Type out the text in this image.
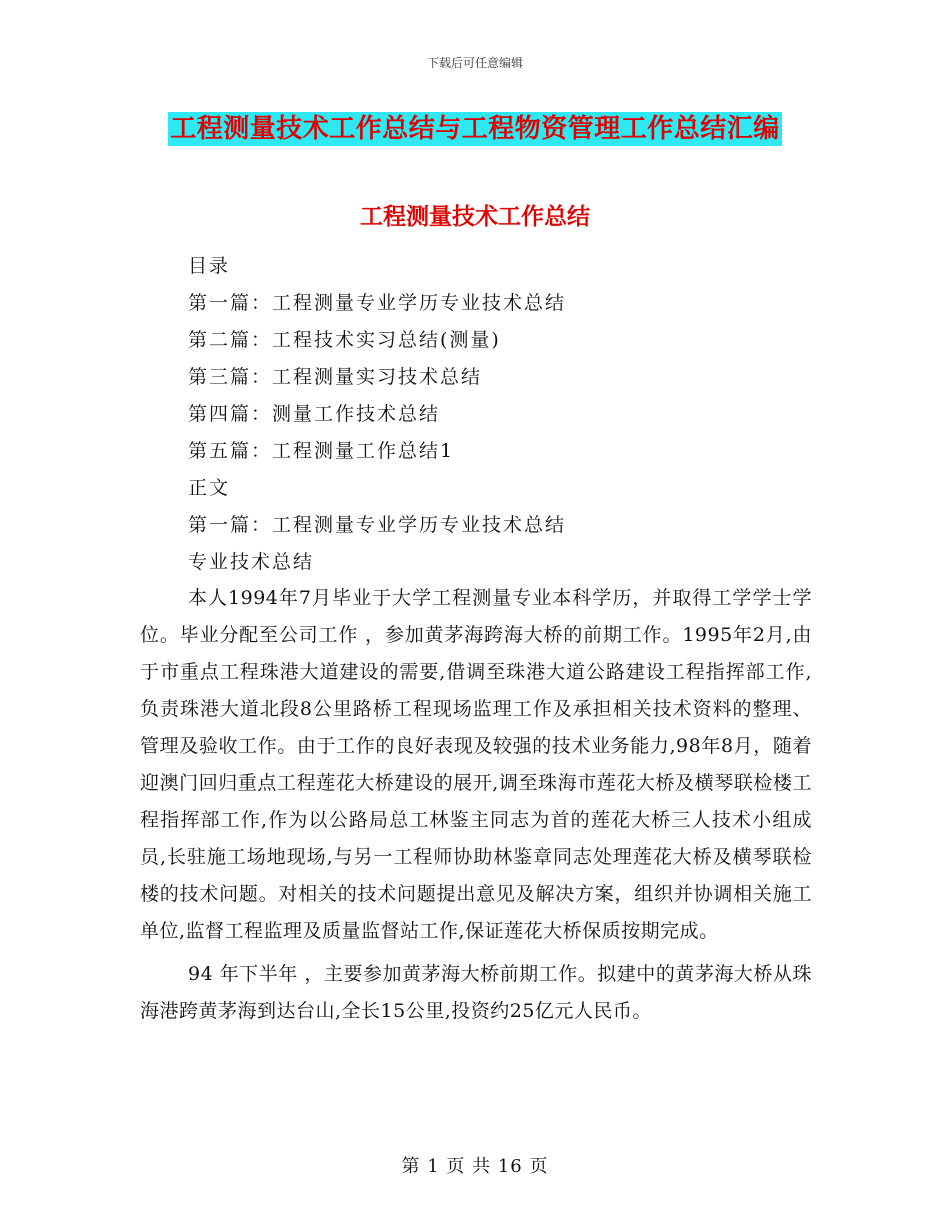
下载后可任意编辑
工程测量技术工作总结与工程物资管理工作总结汇编
工程测量技术工作总结
目录
第一篇：工程测量专业学历专业技术总结
第二篇：工程技术实习总结(测量)
第三篇：工程测量实习技术总结
第四篇：测量工作技术总结
第五篇：工程测量工作总结1
正文
第一篇：工程测量专业学历专业技术总结
专业技术总结

本人1994年7月毕业于大学工程测量专业本科学历，并取得工学学士学位。毕业分配至公司工作 ，参加黄茅海跨海大桥的前期工作。1995年2月,由于市重点工程珠港大道建设的需要,借调至珠港大道公路建设工程指挥部工作,负责珠港大道北段8公里路桥工程现场监理工作及承担相关技术资料的整理、管理及验收工作。由于工作的良好表现及较强的技术业务能力,98年8月，随着迎澳门回归重点工程莲花大桥建设的展开,调至珠海市莲花大桥及横琴联检楼工程指挥部工作,作为以公路局总工林鉴主同志为首的莲花大桥三人技术小组成员,长驻施工场地现场,与另一工程师协助林鉴章同志处理莲花大桥及横琴联检楼的技术问题。对相关的技术问题提出意见及解决方案，组织并协调相关施工单位,监督工程监理及质量监督站工作,保证莲花大桥保质按期完成。

94 年下半年 ，主要参加黄茅海大桥前期工作。拟建中的黄茅海大桥从珠海港跨黄茅海到达台山,全长15公里,投资约25亿元人民币。

第 1 页 共 16 页
